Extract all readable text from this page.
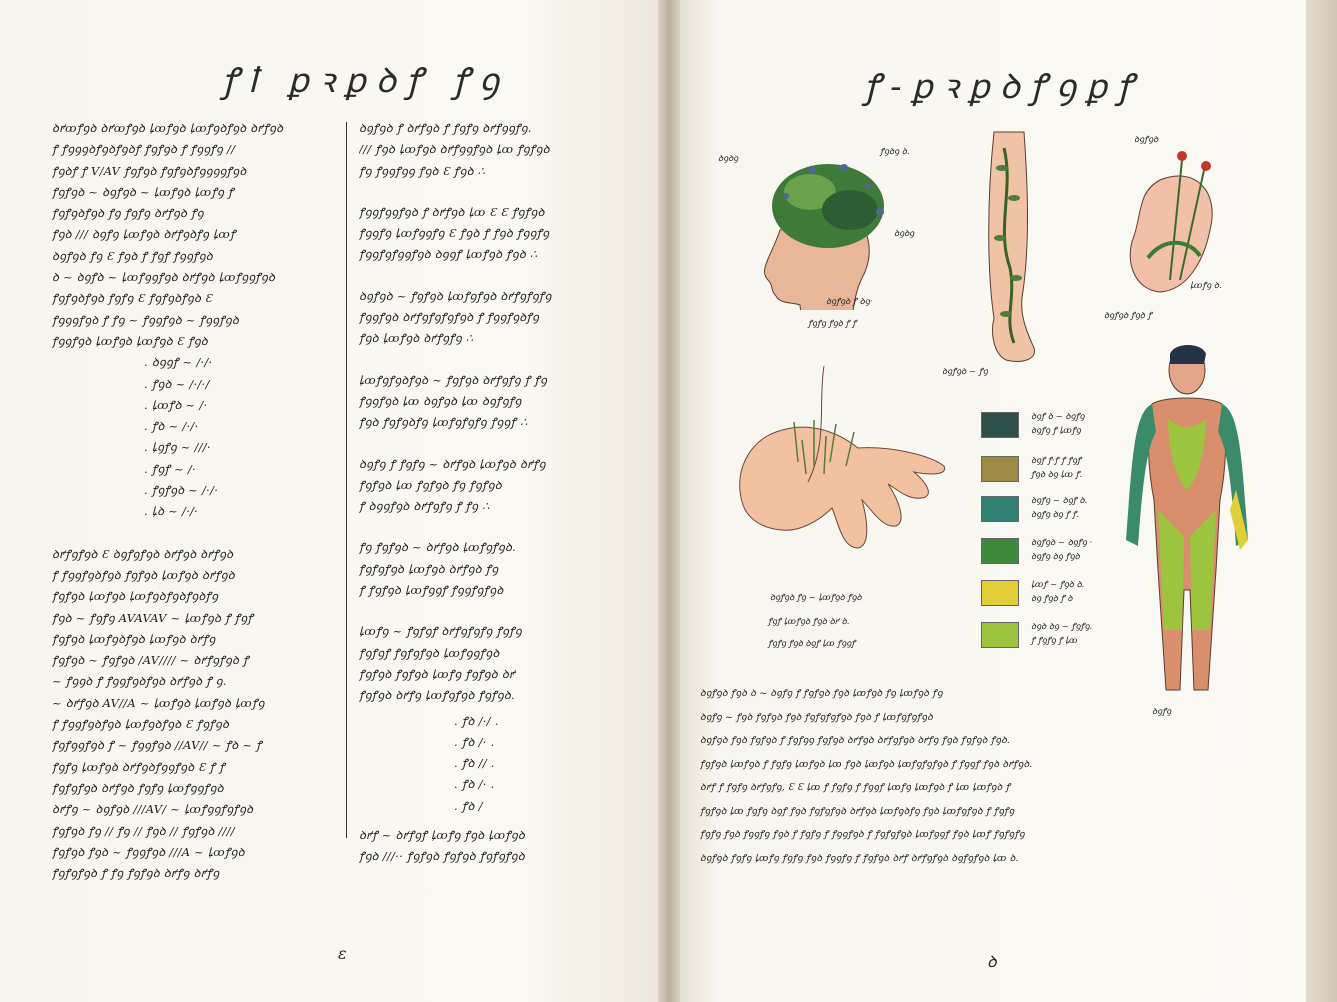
ꝭꝉ ꝑꝛꝑꝺꝭ ꝭꝯ

ꝺꝵꝏꝭꝯꝺ ꝺꝵꝏꝭꝯꝺ ꝲꝏꝭꝯꝺ ꝲꝏꝭꝯꝺꝭꝯꝺ ꝺꝵꝭꝯꝺ

ꝭ ꝭꝯꝯꝯꝺꝭꝯꝺꝭꝯꝺꝭ ꝭꝯꝭꝯꝺ ꝭ ꝭꝯꝯꝭꝯ //

ꝭꝯꝺꝭ ꝭ V/AV ꝭꝯꝭꝯꝺ ꝭꝯꝭꝯꝺꝭꝯꝯꝯꝯꝭꝯꝺ

ꝭꝯꝭꝯꝺ ~ ꝺꝯꝭꝯꝺ ~ ꝲꝏꝭꝯꝺ ꝲꝏꝭꝯ ꝭ

ꝭꝯꝭꝯꝺꝭꝯꝺ ꝭꝯ ꝭꝯꝭꝯ ꝺꝵꝭꝯꝺ ꝭꝯ

ꝭꝯꝺ /// ꝺꝯꝭꝯ ꝲꝏꝭꝯꝺ ꝺꝵꝭꝯꝺꝭꝯ ꝲꝏꝭ

ꝺꝯꝭꝯꝺ ꝭꝯ Ɛ ꝭꝯꝺ ꝭ ꝭꝯꝭ ꝭꝯꝯꝭꝯꝺ

ꝺ ~ ꝺꝯꝭꝺ ~ ꝲꝏꝭꝯꝯꝭꝯꝺ ꝺꝵꝭꝯꝺ ꝲꝏꝭꝯꝯꝭꝯꝺ

ꝭꝯꝭꝯꝺꝭꝯꝺ ꝭꝯꝭꝯ Ɛ ꝭꝯꝭꝯꝺꝭꝯꝺ Ɛ

ꝭꝯꝯꝯꝭꝯꝺ ꝭ ꝭꝯ ~ ꝭꝯꝯꝭꝯꝺ ~ ꝭꝯꝯꝭꝯꝺ

ꝭꝯꝯꝭꝯꝺ ꝲꝏꝭꝯꝺ ꝲꝏꝭꝯꝺ Ɛ ꝭꝯꝺ

. ꝺꝯꝯꝭ ~ /·/·

. ꝭꝯꝺ ~ /·/·/

. ꝲꝏꝭꝺ ~ /·

. ꝭꝺ ~ /·/·

. ꝲꝯꝭꝯ ~ ///·

. ꝭꝯꝭ ~ /·

. ꝭꝯꝭꝯꝺ ~ /·/·

. ꝲꝺ ~ /·/·

ꝺꝵꝭꝯꝭꝯꝺ Ɛ ꝺꝯꝭꝯꝭꝯꝺ ꝺꝵꝭꝯꝺ ꝺꝵꝭꝯꝺ

ꝭ ꝭꝯꝯꝭꝯꝺꝭꝯꝺ ꝭꝯꝭꝯꝺ ꝲꝏꝭꝯꝺ ꝺꝵꝭꝯꝺ

ꝭꝯꝭꝯꝺ ꝲꝏꝭꝯꝺ ꝲꝏꝭꝯꝺꝭꝯꝺꝭꝯꝺꝭꝯ

ꝭꝯꝺ ~ ꝭꝯꝭꝯ AVAVAV ~ ꝲꝏꝭꝯꝺ ꝭ ꝭꝯꝭ

ꝭꝯꝭꝯꝺ ꝲꝏꝭꝯꝺꝭꝯꝺ ꝲꝏꝭꝯꝺ ꝺꝵꝭꝯ

ꝭꝯꝭꝯꝺ ~ ꝭꝯꝭꝯꝺ /AV//// ~ ꝺꝵꝭꝯꝭꝯꝺ ꝭ

~ ꝭꝯꝯꝺ ꝭ ꝭꝯꝯꝭꝯꝺꝭꝯꝺ ꝺꝵꝭꝯꝺ ꝭ ꝯ.

~ ꝺꝵꝭꝯꝺ AV//A ~ ꝲꝏꝭꝯꝺ ꝲꝏꝭꝯꝺ ꝲꝏꝭꝯ

ꝭ ꝭꝯꝯꝭꝯꝺꝭꝯꝺ ꝲꝏꝭꝯꝺꝭꝯꝺ Ɛ ꝭꝯꝭꝯꝺ

ꝭꝯꝭꝯꝯꝭꝯꝺ ꝭ ~ ꝭꝯꝯꝭꝯꝺ //AV// ~ ꝭꝺ ~ ꝭ

ꝭꝯꝭꝯ ꝲꝏꝭꝯꝺ ꝺꝵꝭꝯꝺꝭꝯꝯꝭꝯꝺ Ɛ ꝭ ꝭ

ꝭꝯꝭꝯꝭꝯꝺ ꝺꝵꝭꝯꝺ ꝭꝯꝭꝯ ꝲꝏꝭꝯꝯꝭꝯꝺ

ꝺꝵꝭꝯ ~ ꝺꝯꝭꝯꝺ ///AV/ ~ ꝲꝏꝭꝯꝯꝭꝯꝭꝯꝺ

ꝭꝯꝭꝯꝺ ꝭꝯ // ꝭꝯ // ꝭꝯꝺ // ꝭꝯꝭꝯꝺ ////

ꝭꝯꝭꝯꝺ ꝭꝯꝺ ~ ꝭꝯꝯꝭꝯꝺ ///A ~ ꝲꝏꝭꝯꝺ

ꝭꝯꝭꝯꝭꝯꝺ ꝭ ꝭꝯ ꝭꝯꝭꝯꝺ ꝺꝵꝭꝯ ꝺꝵꝭꝯ

ꝺꝯꝭꝯꝺ ꝭ ꝺꝵꝭꝯꝺ ꝭ ꝭꝯꝭꝯ ꝺꝵꝭꝯꝯꝭꝯ.

/// ꝭꝯꝺ ꝲꝏꝭꝯꝺ ꝺꝵꝭꝯꝯꝭꝯꝺ ꝲꝏ ꝭꝯꝭꝯꝺ

ꝭꝯ ꝭꝯꝯꝭꝯꝯ ꝭꝯꝺ Ɛ ꝭꝯꝺ ∴

ꝭꝯꝯꝭꝯꝯꝭꝯꝺ ꝭ ꝺꝵꝭꝯꝺ ꝲꝏ Ɛ Ɛ ꝭꝯꝭꝯꝺ

ꝭꝯꝯꝭꝯ ꝲꝏꝭꝯꝯꝭꝯ Ɛ ꝭꝯꝺ ꝭ ꝭꝯꝺ ꝭꝯꝯꝭꝯ

ꝭꝯꝯꝭꝯꝭꝯꝯꝭꝯꝺ ꝺꝯꝯꝭ ꝲꝏꝭꝯꝺ ꝭꝯꝺ ∴

ꝺꝯꝭꝯꝺ ~ ꝭꝯꝭꝯꝺ ꝲꝏꝭꝯꝭꝯꝺ ꝺꝵꝭꝯꝭꝯꝭꝯ

ꝭꝯꝯꝭꝯꝺ ꝺꝵꝭꝯꝭꝯꝭꝯꝭꝯꝺ ꝭ ꝭꝯꝯꝭꝯꝺꝭꝯ

ꝭꝯꝺ ꝲꝏꝭꝯꝺ ꝺꝵꝭꝯꝭꝯ ∴

ꝲꝏꝭꝯꝭꝯꝺꝭꝯꝺ ~ ꝭꝯꝭꝯꝺ ꝺꝵꝭꝯꝭꝯ ꝭ ꝭꝯ

ꝭꝯꝯꝭꝯꝺ ꝲꝏ ꝺꝯꝭꝯꝺ ꝲꝏ ꝺꝯꝭꝯꝭꝯ

ꝭꝯꝺ ꝭꝯꝭꝯꝺꝭꝯ ꝲꝏꝭꝯꝭꝯꝭꝯ ꝭꝯꝯꝭ ∴

ꝺꝯꝭꝯ ꝭ ꝭꝯꝭꝯ ~ ꝺꝵꝭꝯꝺ ꝲꝏꝭꝯꝺ ꝺꝵꝭꝯ

ꝭꝯꝭꝯꝺ ꝲꝏ ꝭꝯꝭꝯꝺ ꝭꝯ ꝭꝯꝭꝯꝺ

ꝭ ꝺꝯꝯꝭꝯꝺ ꝺꝵꝭꝯꝭꝯ ꝭ ꝭꝯ ∴

ꝭꝯ ꝭꝯꝭꝯꝺ ~ ꝺꝵꝭꝯꝺ ꝲꝏꝭꝯꝭꝯꝺ.

ꝭꝯꝭꝯꝭꝯꝺ ꝲꝏꝭꝯꝺ ꝺꝵꝭꝯꝺ ꝭꝯ

ꝭ ꝭꝯꝭꝯꝺ ꝲꝏꝭꝯꝯꝭ ꝭꝯꝯꝭꝯꝭꝯꝺ

ꝲꝏꝭꝯ ~ ꝭꝯꝭꝯꝭ ꝺꝵꝭꝯꝭꝯꝭꝯ ꝭꝯꝭꝯ

ꝭꝯꝭꝯꝭ ꝭꝯꝭꝯꝭꝯꝺ ꝲꝏꝭꝯꝯꝭꝯꝺ

ꝭꝯꝭꝯꝺ ꝭꝯꝭꝯꝺ ꝲꝏꝭꝯ ꝭꝯꝭꝯꝺ ꝺꝵ

ꝭꝯꝭꝯꝺ ꝺꝵꝭꝯ ꝲꝏꝭꝯꝭꝯꝺ ꝭꝯꝭꝯꝺ.

. ꝭꝺ /·/ .

. ꝭꝺ /· .

. ꝭꝺ // .

. ꝭꝺ /· .

. ꝭꝺ /

ꝺꝵꝭ ~ ꝺꝵꝭꝯꝭ ꝲꝏꝭꝯ ꝭꝯꝺ ꝲꝏꝭꝯꝺ

ꝭꝯꝺ ///·· ꝭꝯꝭꝯꝺ ꝭꝯꝭꝯꝺ ꝭꝯꝭꝯꝭꝯꝺ

ɛ
ꝭ-ꝑꝛꝑꝺꝭꝯꝑꝭ
ꝺ
ꝺꝯꝺꝯ
ꝭꝯꝺꝯ ꝺ.
ꝺꝯꝺꝯ
ꝺꝯꝭꝯꝺ ꝭ ꝺꝯ·
ꝭꝯꝭꝯ ꝭꝯꝺ ꝭ ꝭ
ꝺꝯꝭꝯꝺ ~ ꝭꝯ
ꝺꝯꝭꝯꝺ
ꝲꝏꝭꝯ ꝺ.
ꝺꝯꝭꝯꝺ ꝭꝯꝺ ꝭ
ꝺꝯꝭꝯꝺ ꝭꝯ ~ ꝲꝏꝭꝯꝺ ꝭꝯꝺ
ꝭꝯꝭ ꝲꝏꝭꝯꝺ ꝭꝯꝺ ꝺꝵ ꝺ.
ꝭꝯꝭꝯ ꝭꝯꝺ ꝺꝯꝭ ꝲꝏ ꝭꝯꝯꝭ
ꝺꝯꝭ ꝺ ~ ꝺꝯꝭꝯ
ꝺꝯꝭꝯ ꝭ ꝲꝏꝭꝯ
ꝺꝯꝭ ꝭ·ꝭ ꝭ ꝭꝯꝭ
ꝭꝯꝺ ꝺꝯ ꝲꝏ ꝭ.
ꝺꝯꝭꝯ ~ ꝺꝯꝭ ꝺ.
ꝺꝯꝭꝯ ꝺꝯ ꝭ ꝭ.
ꝺꝯꝭꝯꝺ ~ ꝺꝯꝭꝯ ·
ꝺꝯꝭꝯ ꝺꝯ ꝭꝯꝺ
ꝲꝏꝭ ~ ꝭꝯꝺ ꝺ.
ꝺꝯ ꝭꝯꝺ ꝭ ꝺ
ꝺꝯꝺ ꝺꝯ ~ ꝭꝯꝭꝯ.
ꝭ ꝭꝯꝭꝯ ꝭ ꝲꝏ
ꝺꝯꝭꝯ

ꝺꝯꝭꝯꝺ ꝭꝯꝺ ꝺ ~ ꝺꝯꝭꝯ ꝭ ꝭꝯꝭꝯꝺ ꝭꝯꝺ ꝲꝏꝭꝯꝺ ꝭꝯ ꝲꝏꝭꝯꝺ ꝭꝯ

ꝺꝯꝭꝯ ~ ꝭꝯꝺ ꝭꝯꝭꝯꝺ ꝭꝯꝺ ꝭꝯꝭꝯꝭꝯꝭꝯꝺ ꝭꝯꝺ ꝭ ꝲꝏꝭꝯꝭꝯꝭꝯꝺ

ꝺꝯꝭꝯꝺ ꝭꝯꝺ ꝭꝯꝭꝯꝺ ꝭ ꝭꝯꝭꝯꝯ ꝭꝯꝭꝯꝺ ꝺꝵꝭꝯꝺ ꝺꝵꝭꝯꝭꝯꝺ ꝺꝵꝭꝯ ꝭꝯꝺ ꝭꝯꝭꝯꝺ ꝭꝯꝺ.

ꝭꝯꝭꝯꝺ ꝲꝏꝭꝯꝺ ꝭ ꝭꝯꝭꝯ ꝲꝏꝭꝯꝺ ꝲꝏ ꝭꝯꝺ ꝲꝏꝭꝯꝺ ꝲꝏꝭꝯꝭꝯꝭꝯꝺ ꝭ ꝭꝯꝯꝭ ꝭꝯꝺ ꝺꝵꝭꝯꝺ.

ꝺꝵꝭ ꝭ ꝭꝯꝭꝯ ꝺꝵꝭꝯꝭꝯ, Ɛ Ɛ ꝲꝏ ꝭ ꝭꝯꝭꝯ ꝭ ꝭꝯꝯꝭ ꝲꝏꝭꝯ ꝲꝏꝭꝯꝺ ꝭ ꝲꝏ ꝲꝏꝭꝯꝺ ꝭ

ꝭꝯꝭꝯꝺ ꝲꝏ ꝭꝯꝭꝯ ꝺꝯꝭ ꝭꝯꝺ ꝭꝯꝭꝯꝭꝯꝺ ꝺꝵꝭꝯꝺ ꝲꝏꝭꝯꝺꝭꝯ ꝭꝯꝺ ꝲꝏꝭꝯꝭꝯꝺ ꝭ ꝭꝯꝭꝯ

ꝭꝯꝭꝯ ꝭꝯꝺ ꝭꝯꝯꝭꝯ ꝭꝯꝺ ꝭ ꝭꝯꝭꝯ ꝭ ꝭꝯꝯꝭꝯꝺ ꝭ ꝭꝯꝭꝯꝭꝯꝺ ꝲꝏꝭꝯꝯꝭ ꝭꝯꝺ ꝲꝏꝭ ꝭꝯꝭꝯꝭꝯ

ꝺꝯꝭꝯꝺ ꝭꝯꝭꝯ ꝲꝏꝭꝯ ꝭꝯꝭꝯ ꝭꝯꝺ ꝭꝯꝯꝭꝯ ꝭ ꝭꝯꝭꝯꝺ ꝺꝵꝭ ꝺꝵꝭꝯꝭꝯꝺ ꝺꝯꝭꝯꝭꝯꝺ ꝲꝏ ꝺ.
